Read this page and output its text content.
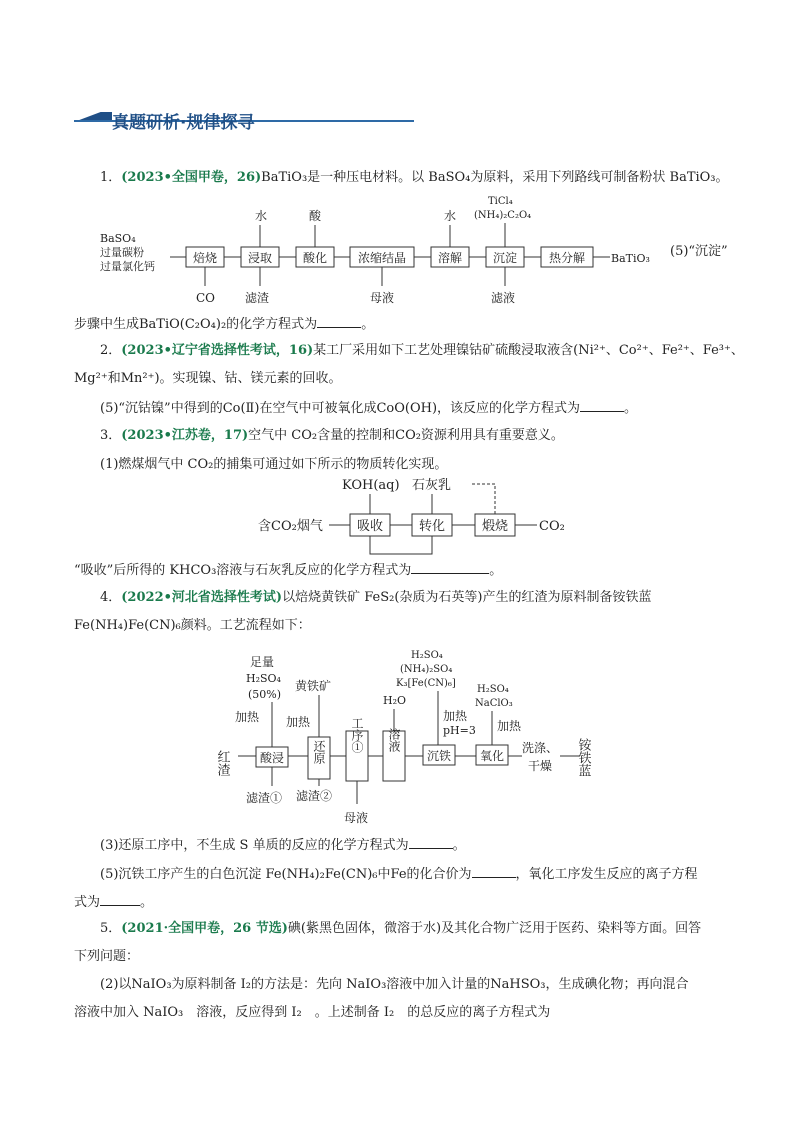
真题研析·规律探寻
1．(2023•全国甲卷，26)BaTiO₃是一种压电材料。以 BaSO₄为原料，采用下列路线可制备粉状 BaTiO₃。
BaSO₄
过量碳粉
过量氯化钙
焙烧	浸取	酸化	浓缩结晶	溶解	沉淀	热分解 BaTiO₃
水	酸	水
TiCl₄
(NH₄)₂C₂O₄
CO 滤渣	母液	滤液
(5)“沉淀”
步骤中生成BaTiO(C₂O₄)₂的化学方程式为	。
2．(2023•辽宁省选择性考试，16)某工厂采用如下工艺处理镍钴矿硫酸浸取液含(Ni²⁺、Co²⁺、Fe²⁺、Fe³⁺、
Mg²⁺和Mn²⁺)。实现镍、钴、镁元素的回收。
(5)“沉钴镍”中得到的Co(Ⅱ)在空气中可被氧化成CoO(OH)，该反应的化学方程式为	。
3．(2023•江苏卷，17)空气中 CO₂含量的控制和CO₂资源利用具有重要意义。
(1)燃煤烟气中 CO₂的捕集可通过如下所示的物质转化实现。
KOH(aq) 石灰乳
含CO₂烟气	吸收	转化	煅烧 CO₂
“吸收”后所得的 KHCO₃溶液与石灰乳反应的化学方程式为	。
4．(2022•河北省选择性考试)以焙烧黄铁矿 FeS₂(杂质为石英等)产生的红渣为原料制备铵铁蓝
Fe(NH₄)Fe(CN)₆颜料。工艺流程如下：
足量
H₂SO₄
(50%)
加热
黄铁矿
加热
H₂O
H₂SO₄
(NH₄)₂SO₄
K₃[Fe(CN)₆]
加热
pH=3
H₂SO₄
NaClO₃
加热
红渣	酸浸 还原 工序① 溶液
沉铁 氧化
洗涤、
干燥 铵铁蓝
滤渣① 滤渣②
母液
(3)还原工序中，不生成 S 单质的反应的化学方程式为	。
(5)沉铁工序产生的白色沉淀 Fe(NH₄)₂Fe(CN)₆中Fe的化合价为	，氧化工序发生反应的离子方程
式为	。
5．(2021·全国甲卷，26 节选)碘(紫黑色固体，微溶于水)及其化合物广泛用于医药、染料等方面。回答
下列问题：
(2)以NaIO₃为原料制备 I₂的方法是：先向 NaIO₃溶液中加入计量的NaHSO₃，生成碘化物；再向混合
溶液中加入 NaIO₃　溶液，反应得到 I₂　。上述制备 I₂　的总反应的离子方程式为
